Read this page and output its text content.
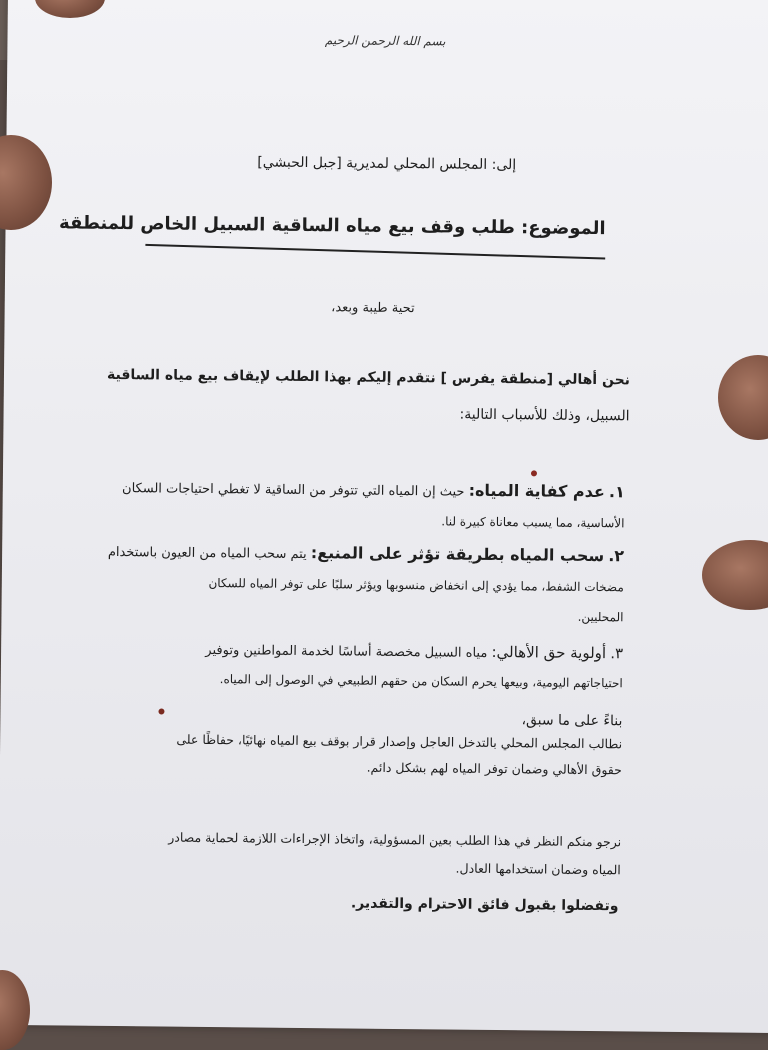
بسم الله الرحمن الرحيم
إلى: المجلس المحلي لمديرية [جبل الحبشي]
الموضوع: طلب وقف بيع مياه الساقية السبيل الخاص للمنطقة
تحية طيبة وبعد،
نحن أهالي [منطقة يفرس ] نتقدم إليكم بهذا الطلب لإيقاف بيع مياه الساقية
السبيل، وذلك للأسباب التالية:
١. عدم كفاية المياه: حيث إن المياه التي تتوفر من الساقية لا تغطي احتياجات السكان
الأساسية، مما يسبب معاناة كبيرة لنا.
٢. سحب المياه بطريقة تؤثر على المنبع: يتم سحب المياه من العيون باستخدام
مضخات الشفط، مما يؤدي إلى انخفاض منسوبها ويؤثر سلبًا على توفر المياه للسكان
المحليين.
٣. أولوية حق الأهالي: مياه السبيل مخصصة أساسًا لخدمة المواطنين وتوفير
احتياجاتهم اليومية، وبيعها يحرم السكان من حقهم الطبيعي في الوصول إلى المياه.
بناءً على ما سبق،
نطالب المجلس المحلي بالتدخل العاجل وإصدار قرار بوقف بيع المياه نهائيًا، حفاظًا على
حقوق الأهالي وضمان توفر المياه لهم بشكل دائم.
نرجو منكم النظر في هذا الطلب بعين المسؤولية، واتخاذ الإجراءات اللازمة لحماية مصادر
المياه وضمان استخدامها العادل.
وتفضلوا بقبول فائق الاحترام والتقدير.
